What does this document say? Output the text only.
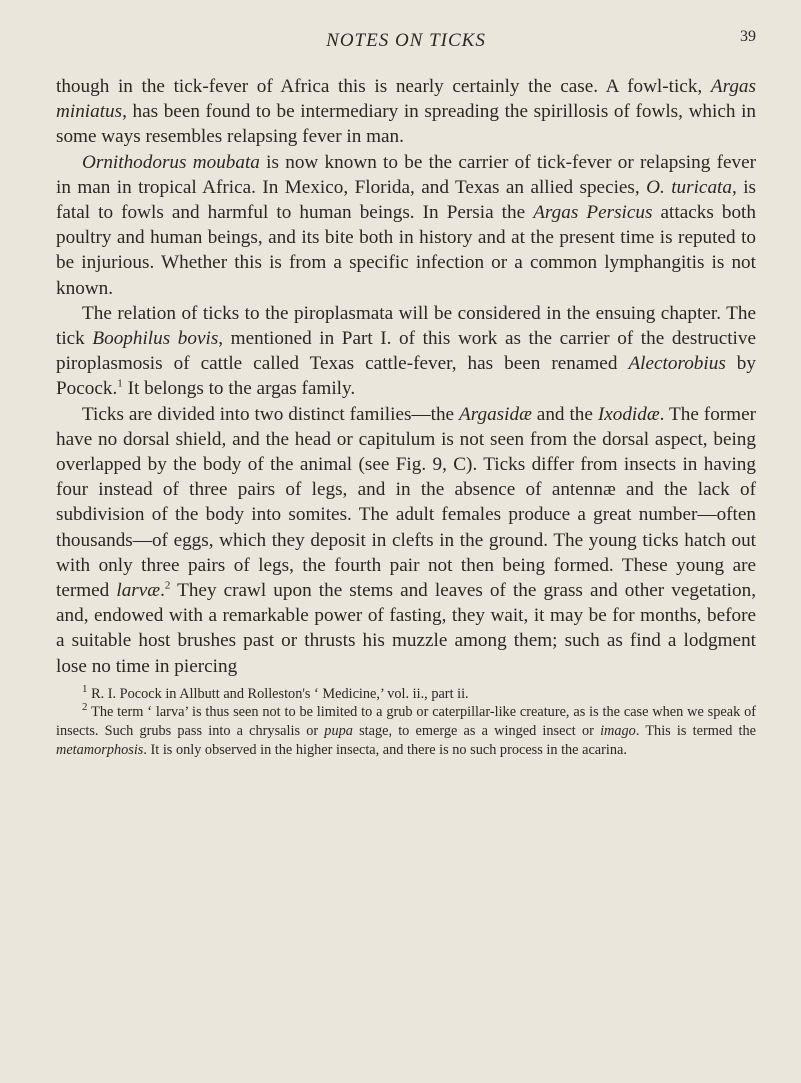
NOTES ON TICKS	39

though in the tick-fever of Africa this is nearly certainly the case. A fowl-tick, Argas miniatus, has been found to be intermediary in spreading the spirillosis of fowls, which in some ways resembles relapsing fever in man.

Ornithodorus moubata is now known to be the carrier of tick-fever or relapsing fever in man in tropical Africa. In Mexico, Florida, and Texas an allied species, O. turicata, is fatal to fowls and harmful to human beings. In Persia the Argas Persicus attacks both poultry and human beings, and its bite both in history and at the present time is reputed to be injurious. Whether this is from a specific infection or a common lymphangitis is not known.

The relation of ticks to the piroplasmata will be considered in the ensuing chapter. The tick Boophilus bovis, mentioned in Part I. of this work as the carrier of the destructive piroplasmosis of cattle called Texas cattle-fever, has been renamed Alectorobius by Pocock.$^1$ It belongs to the argas family.

Ticks are divided into two distinct families—the Argasidæ and the Ixodidæ. The former have no dorsal shield, and the head or capitulum is not seen from the dorsal aspect, being overlapped by the body of the animal (see Fig. 9, C). Ticks differ from insects in having four instead of three pairs of legs, and in the absence of antennæ and the lack of subdivision of the body into somites. The adult females produce a great number—often thousands—of eggs, which they deposit in clefts in the ground. The young ticks hatch out with only three pairs of legs, the fourth pair not then being formed. These young are termed larvæ.$^2$ They crawl upon the stems and leaves of the grass and other vegetation, and, endowed with a remarkable power of fasting, they wait, it may be for months, before a suitable host brushes past or thrusts his muzzle among them; such as find a lodgment lose no time in piercing

$^1$ R. I. Pocock in Allbutt and Rolleston's ‘ Medicine,’ vol. ii., part ii.

$^2$ The term ‘ larva’ is thus seen not to be limited to a grub or caterpillar-like creature, as is the case when we speak of insects. Such grubs pass into a chrysalis or pupa stage, to emerge as a winged insect or imago. This is termed the metamorphosis. It is only observed in the higher insecta, and there is no such process in the acarina.
